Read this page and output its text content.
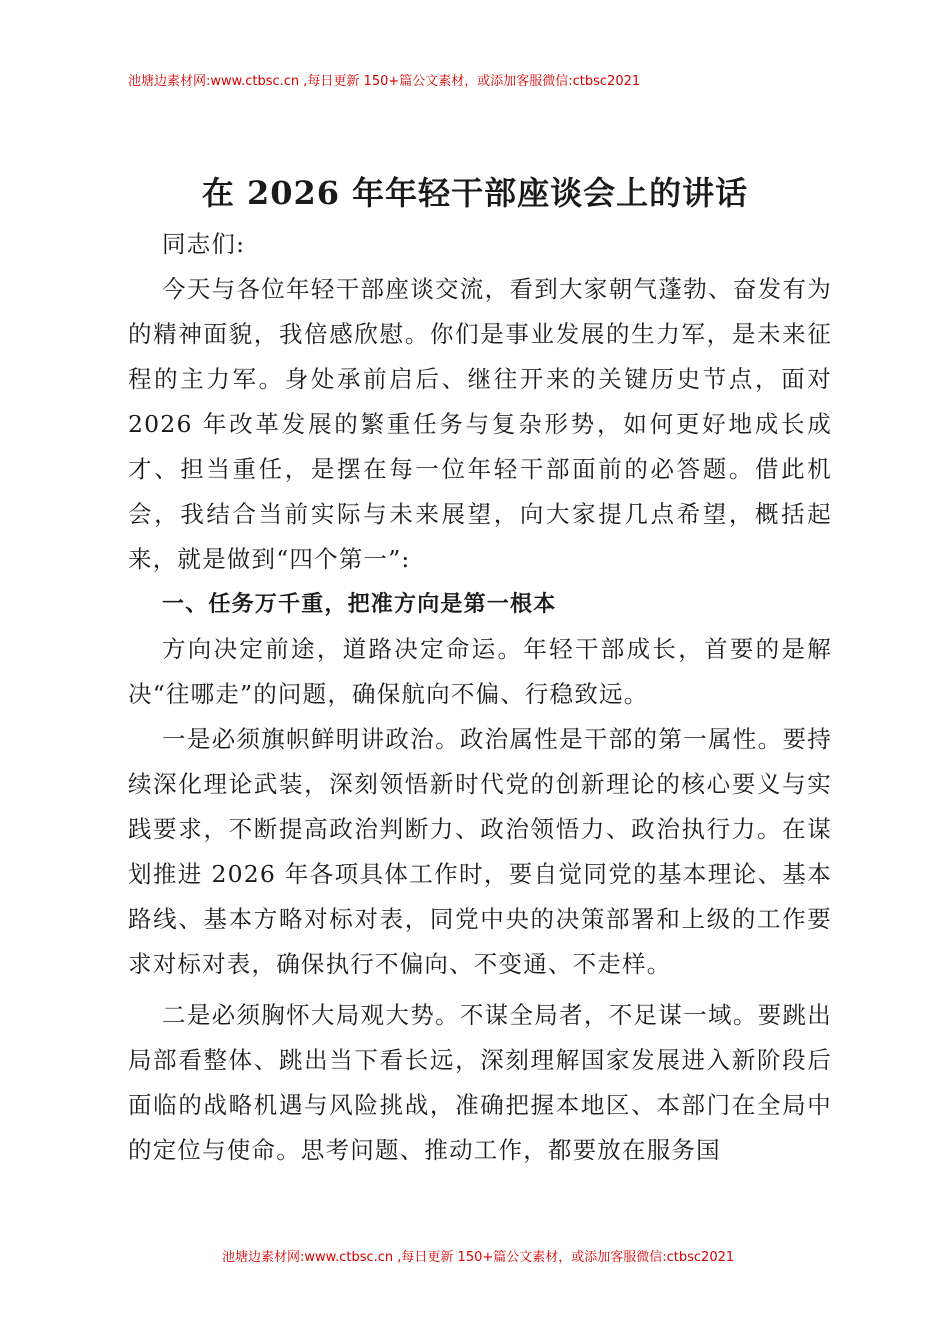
池塘边素材网:www.ctbsc.cn ,每日更新 150+篇公文素材，或添加客服微信:ctbsc2021
在 2026 年年轻干部座谈会上的讲话

同志们:

今天与各位年轻干部座谈交流，看到大家朝气蓬勃、奋发有为的精神面貌，我倍感欣慰。你们是事业发展的生力军，是未来征程的主力军。身处承前启后、继往开来的关键历史节点，面对 2026 年改革发展的繁重任务与复杂形势，如何更好地成长成才、担当重任，是摆在每一位年轻干部面前的必答题。借此机会，我结合当前实际与未来展望，向大家提几点希望，概括起来，就是做到“四个第一”:

一、任务万千重，把准方向是第一根本

方向决定前途，道路决定命运。年轻干部成长，首要的是解决“往哪走”的问题，确保航向不偏、行稳致远。

一是必须旗帜鲜明讲政治。政治属性是干部的第一属性。要持续深化理论武装，深刻领悟新时代党的创新理论的核心要义与实践要求，不断提高政治判断力、政治领悟力、政治执行力。在谋划推进 2026 年各项具体工作时，要自觉同党的基本理论、基本路线、基本方略对标对表，同党中央的决策部署和上级的工作要求对标对表，确保执行不偏向、不变通、不走样。

二是必须胸怀大局观大势。不谋全局者，不足谋一域。要跳出局部看整体、跳出当下看长远，深刻理解国家发展进入新阶段后面临的战略机遇与风险挑战，准确把握本地区、本部门在全局中的定位与使命。思考问题、推动工作，都要放在服务国

池塘边素材网:www.ctbsc.cn ,每日更新 150+篇公文素材，或添加客服微信:ctbsc2021
